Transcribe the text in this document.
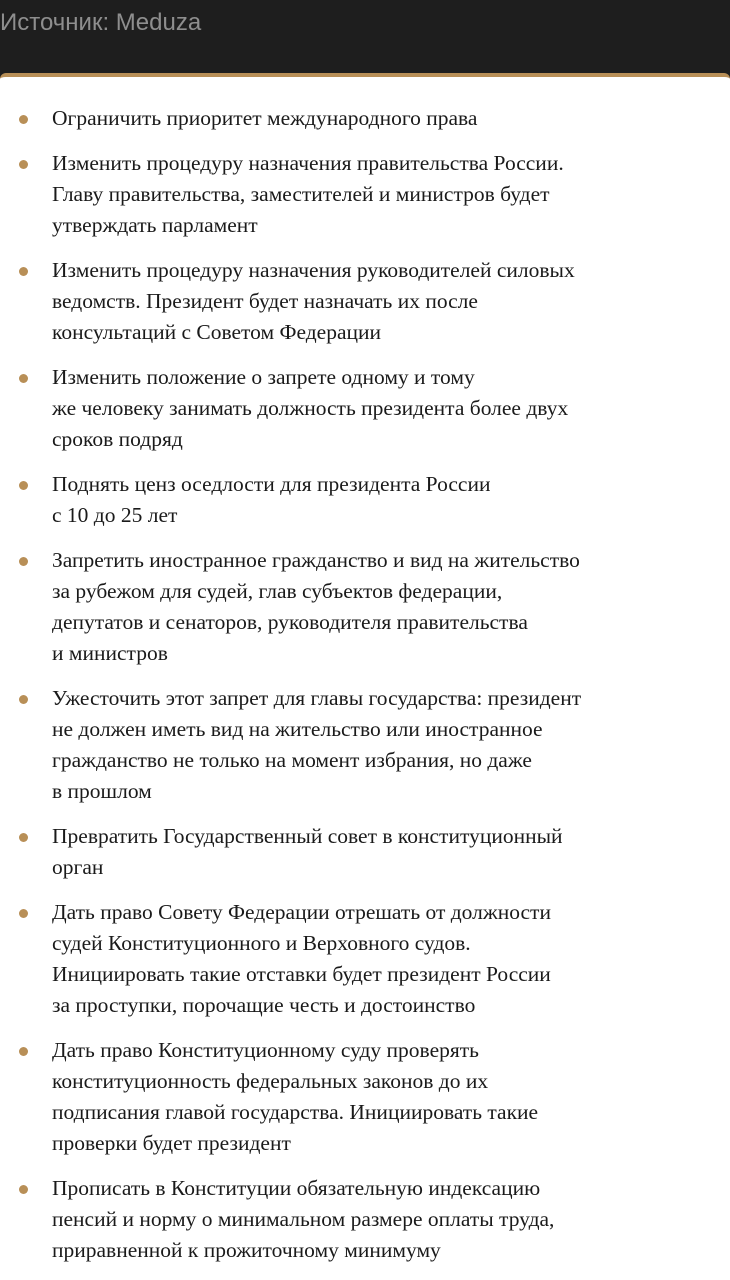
Источник: Meduza
Ограничить приоритет международного права
Изменить процедуру назначения правительства России.
Главу правительства, заместителей и министров будет
утверждать парламент
Изменить процедуру назначения руководителей силовых
ведомств. Президент будет назначать их после
консультаций с Советом Федерации
Изменить положение о запрете одному и тому
же человеку занимать должность президента более двух
сроков подряд
Поднять ценз оседлости для президента России
с 10 до 25 лет
Запретить иностранное гражданство и вид на жительство
за рубежом для судей, глав субъектов федерации,
депутатов и сенаторов, руководителя правительства
и министров
Ужесточить этот запрет для главы государства: президент
не должен иметь вид на жительство или иностранное
гражданство не только на момент избрания, но даже
в прошлом
Превратить Государственный совет в конституционный
орган
Дать право Совету Федерации отрешать от должности
судей Конституционного и Верховного судов.
Инициировать такие отставки будет президент России
за проступки, порочащие честь и достоинство
Дать право Конституционному суду проверять
конституционность федеральных законов до их
подписания главой государства. Инициировать такие
проверки будет президент
Прописать в Конституции обязательную индексацию
пенсий и норму о минимальном размере оплаты труда,
приравненной к прожиточному минимуму
